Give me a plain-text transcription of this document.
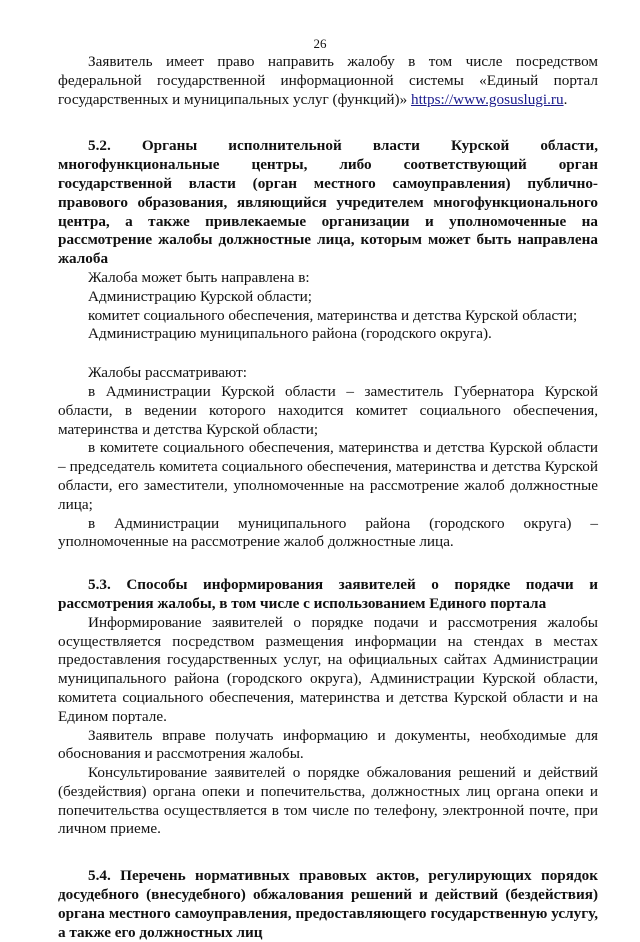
26

Заявитель имеет право направить жалобу в том числе посредством федеральной государственной информационной системы «Единый портал государственных и муниципальных услуг (функций)» https://www.gosuslugi.ru.

5.2. Органы исполнительной власти Курской области, многофункциональные центры, либо соответствующий орган государственной власти (орган местного самоуправления) публично-правового образования, являющийся учредителем многофункционального центра, а также привлекаемые организации и уполномоченные на рассмотрение жалобы должностные лица, которым может быть направлена жалоба

Жалоба может быть направлена в:

Администрацию Курской области;

комитет социального обеспечения, материнства и детства Курской области;

Администрацию муниципального района (городского округа).

Жалобы рассматривают:

в Администрации Курской области – заместитель Губернатора Курской области, в ведении которого находится комитет социального обеспечения, материнства и детства Курской области;

в комитете социального обеспечения, материнства и детства Курской области – председатель комитета социального обеспечения, материнства и детства Курской области, его заместители, уполномоченные на рассмотрение жалоб должностные лица;

в Администрации муниципального района (городского округа) – уполномоченные на рассмотрение жалоб должностные лица.

5.3. Способы информирования заявителей о порядке подачи и рассмотрения жалобы, в том числе с использованием Единого портала

Информирование заявителей о порядке подачи и рассмотрения жалобы осуществляется посредством размещения информации на стендах в местах предоставления государственных услуг, на официальных сайтах Администрации муниципального района (городского округа), Администрации Курской области, комитета социального обеспечения, материнства и детства Курской области и на Едином портале.

Заявитель вправе получать информацию и документы, необходимые для обоснования и рассмотрения жалобы.

Консультирование заявителей о порядке обжалования решений и действий (бездействия) органа опеки и попечительства, должностных лиц органа опеки и попечительства осуществляется в том числе по телефону, электронной почте, при личном приеме.

5.4. Перечень нормативных правовых актов, регулирующих порядок досудебного (внесудебного) обжалования решений и действий (бездействия) органа местного самоуправления, предоставляющего государственную услугу, а также его должностных лиц
